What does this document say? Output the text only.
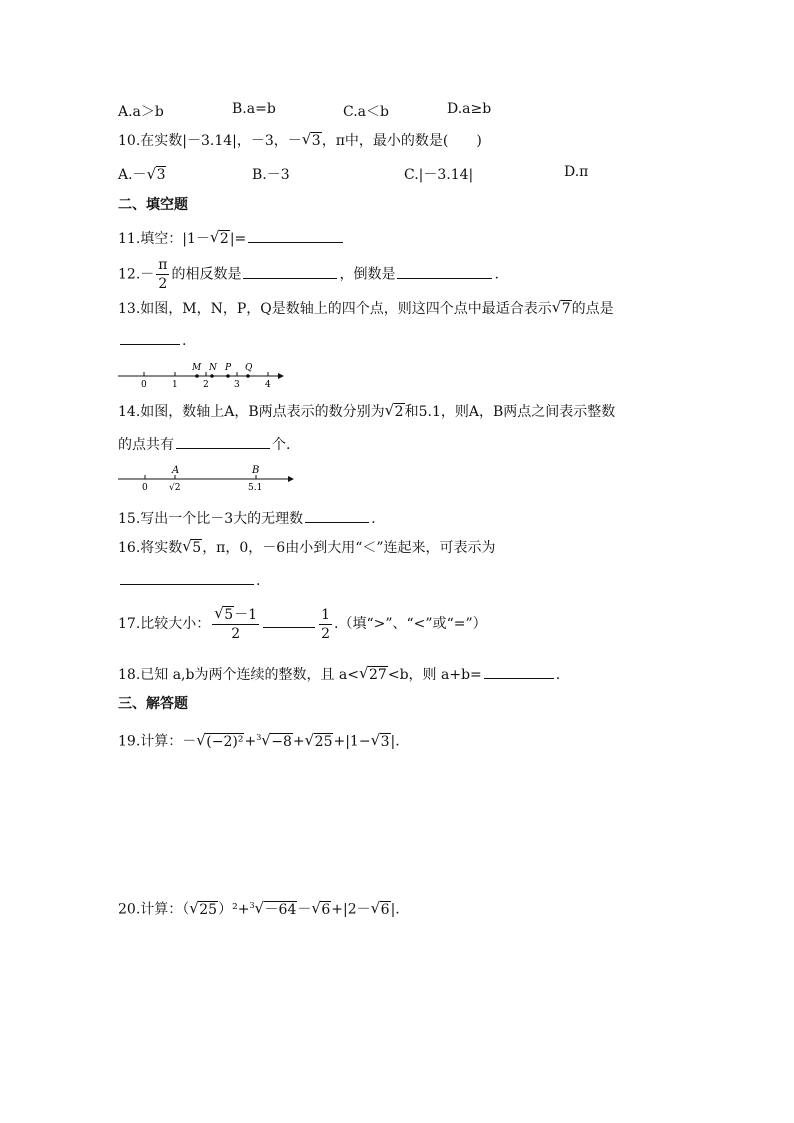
A.a＞b	B.a=b	C.a＜b	D.a≥b
10.在实数|－3.14|，－3，－ √ 3，π中，最小的数是(　　)
A.－ √ 3	B.－3	C.|－3.14|	D.π
二、填空题
11.填空：|1－ √ 2|=
$12.- \frac{\pi}{2}$ 的相反数是	，倒数是	.
13.如图，M，N，P，Q是数轴上的四个点，则这四个点中最适合表示 √ 7的点是
.
0	1	2	3	4
M N P Q
14.如图，数轴上A，B两点表示的数分别为 √ 2和5.1，则A，B两点之间表示整数
的点共有	个.
0 √2	5.1
A	B
15.写出一个比－3大的无理数	.
16.将实数 √ 5，π，0，－6由小到大用“＜”连起来，可表示为
.
17.比较大小： √ $\frac{5-1}{2}$	$\frac{1}{2}$ .（填“>”、“<”或“=”）
18.已知 a,b为两个连续的整数，且 a< √ 27<b，则 a+b=	.
三、解答题
19.计算：－ √ (−2)²+$^3$ √ −8+ √ 25+|1− √ 3|.
20.计算：（ √ 25）²+$^3$ √ －64－ √ 6+|2－ √ 6|.
